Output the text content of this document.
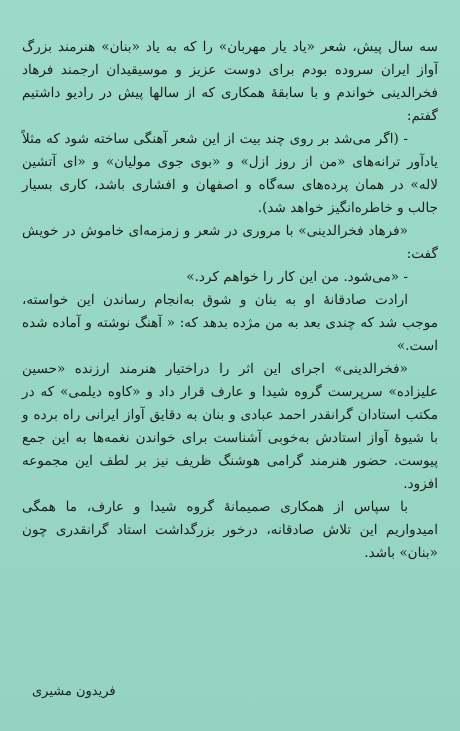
سه سال پیش، شعر «یاد یار مهربان» را که به یاد «بنان» هنرمند بزرگ آواز ایران سروده بودم برای دوست عزیز و موسیقیدان ارجمند فرهاد فخرالدینی خواندم و با سابقهٔ همکاری که از سالها پیش در رادیو داشتیم گفتم:

- (اگر می‌شد بر روی چند بیت از این شعر آهنگی ساخته شود که مثلاً یادآور ترانه‌های «من از روز ازل» و «بوی جوی مولیان» و «ای آتشین لاله» در همان پرده‌های سه‌گاه و اصفهان و افشاری باشد، کاری بسیار جالب و خاطره‌انگیز خواهد شد).

«فرهاد فخرالدینی» با مروری در شعر و زمزمه‌ای خاموش در خویش گفت:

- «می‌شود. من این کار را خواهم کرد.»

ارادت صادقانهٔ او به بنان و شوق به‌انجام رساندن این خواسته، موجب شد که چندی بعد به من مژده بدهد که: « آهنگ نوشته و آماده شده است.»

«فخرالدینی» اجرای این اثر را دراختیار هنرمند ارزنده «حسین علیزاده» سرپرست گروه شیدا و عارف قرار داد و «کاوه دیلمی» که در مکتب استادان گرانقدر احمد عبادی و بنان به دقایق آواز ایرانی راه برده و با شیوهٔ آواز استادش به‌خوبی آشناست برای خواندن نغمه‌ها به این جمع پیوست. حضور هنرمند گرامی هوشنگ ظریف نیز بر لطف این مجموعه افزود.

با سپاس از همکاری صمیمانهٔ گروه شیدا و عارف، ما همگی امیدواریم این تلاش صادقانه، درخور بزرگداشت استاد گرانقدری چون «بنان» باشد.

فریدون مشیری
